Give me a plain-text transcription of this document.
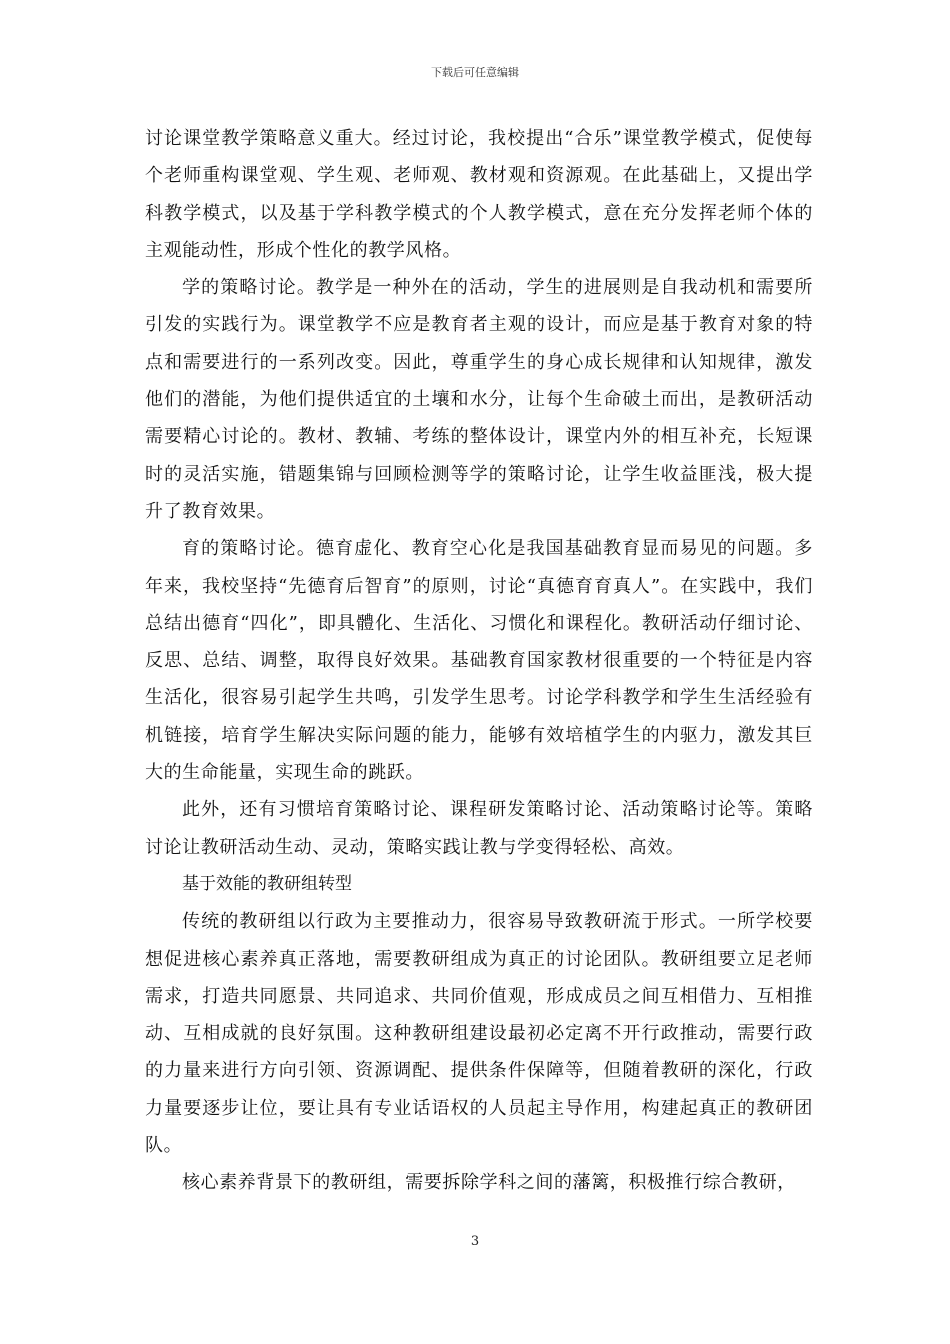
下载后可任意编辑

讨论课堂教学策略意义重大。经过讨论，我校提出“合乐”课堂教学模式，促使每个老师重构课堂观、学生观、老师观、教材观和资源观。在此基础上，又提出学科教学模式，以及基于学科教学模式的个人教学模式，意在充分发挥老师个体的主观能动性，形成个性化的教学风格。

学的策略讨论。教学是一种外在的活动，学生的进展则是自我动机和需要所引发的实践行为。课堂教学不应是教育者主观的设计，而应是基于教育对象的特点和需要进行的一系列改变。因此，尊重学生的身心成长规律和认知规律，激发他们的潜能，为他们提供适宜的土壤和水分，让每个生命破土而出，是教研活动需要精心讨论的。教材、教辅、考练的整体设计，课堂内外的相互补充，长短课时的灵活实施，错题集锦与回顾检测等学的策略讨论，让学生收益匪浅，极大提升了教育效果。

育的策略讨论。德育虚化、教育空心化是我国基础教育显而易见的问题。多年来，我校坚持“先德育后智育”的原则，讨论“真德育育真人”。在实践中，我们总结出德育“四化”，即具體化、生活化、习惯化和课程化。教研活动仔细讨论、反思、总结、调整，取得良好效果。基础教育国家教材很重要的一个特征是内容生活化，很容易引起学生共鸣，引发学生思考。讨论学科教学和学生生活经验有机链接，培育学生解决实际问题的能力，能够有效培植学生的内驱力，激发其巨大的生命能量，实现生命的跳跃。

此外，还有习惯培育策略讨论、课程研发策略讨论、活动策略讨论等。策略讨论让教研活动生动、灵动，策略实践让教与学变得轻松、高效。

基于效能的教研组转型

传统的教研组以行政为主要推动力，很容易导致教研流于形式。一所学校要想促进核心素养真正落地，需要教研组成为真正的讨论团队。教研组要立足老师需求，打造共同愿景、共同追求、共同价值观，形成成员之间互相借力、互相推动、互相成就的良好氛围。这种教研组建设最初必定离不开行政推动，需要行政的力量来进行方向引领、资源调配、提供条件保障等，但随着教研的深化，行政力量要逐步让位，要让具有专业话语权的人员起主导作用，构建起真正的教研团队。

核心素养背景下的教研组，需要拆除学科之间的藩篱，积极推行综合教研，

3
